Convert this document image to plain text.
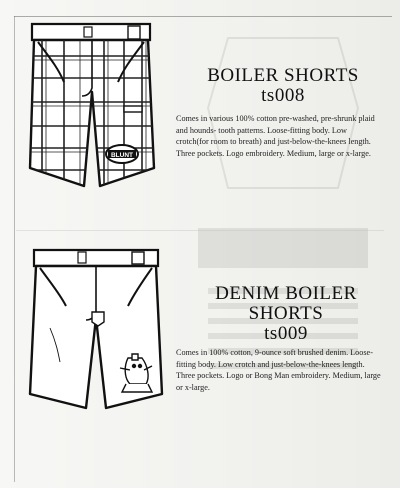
BLUNT
BOILER SHORTS
ts008
Comes in various 100% cotton pre-washed, pre-shrunk plaid and hounds- tooth patterns. Loose-fitting body. Low crotch(for room to breath) and just-below-the-knees length. Three pockets. Logo embroidery. Medium, large or x-large.
DENIM BOILER
SHORTS
ts009
Comes in 100% cotton, 9-ounce soft brushed denim. Loose-fitting body. Low crotch and just-below-the-knees length. Three pockets. Logo or Bong Man embroidery. Medium, large or x-large.
